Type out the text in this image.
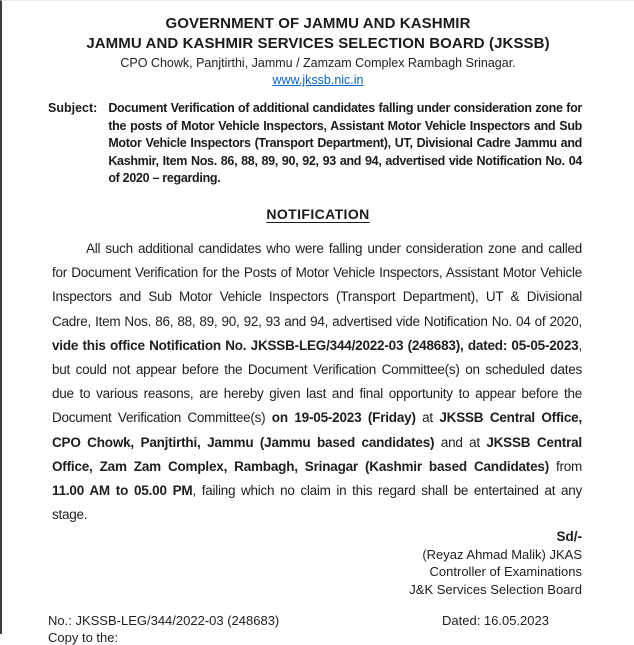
GOVERNMENT OF JAMMU AND KASHMIR
JAMMU AND KASHMIR SERVICES SELECTION BOARD (JKSSB)
CPO Chowk, Panjtirthi, Jammu / Zamzam Complex Rambagh Srinagar.
www.jkssb.nic.in
Subject: Document Verification of additional candidates falling under consideration zone for the posts of Motor Vehicle Inspectors, Assistant Motor Vehicle Inspectors and Sub Motor Vehicle Inspectors (Transport Department), UT, Divisional Cadre Jammu and Kashmir, Item Nos. 86, 88, 89, 90, 92, 93 and 94, advertised vide Notification No. 04 of 2020 – regarding.
NOTIFICATION
All such additional candidates who were falling under consideration zone and called for Document Verification for the Posts of Motor Vehicle Inspectors, Assistant Motor Vehicle Inspectors and Sub Motor Vehicle Inspectors (Transport Department), UT & Divisional Cadre, Item Nos. 86, 88, 89, 90, 92, 93 and 94, advertised vide Notification No. 04 of 2020, vide this office Notification No. JKSSB-LEG/344/2022-03 (248683), dated: 05-05-2023, but could not appear before the Document Verification Committee(s) on scheduled dates due to various reasons, are hereby given last and final opportunity to appear before the Document Verification Committee(s) on 19-05-2023 (Friday) at JKSSB Central Office, CPO Chowk, Panjtirthi, Jammu (Jammu based candidates) and at JKSSB Central Office, Zam Zam Complex, Rambagh, Srinagar (Kashmir based Candidates) from 11.00 AM to 05.00 PM, failing which no claim in this regard shall be entertained at any stage.
Sd/-
(Reyaz Ahmad Malik) JKAS
Controller of Examinations
J&K Services Selection Board
No.: JKSSB-LEG/344/2022-03 (248683)	Dated: 16.05.2023
Copy to the:
